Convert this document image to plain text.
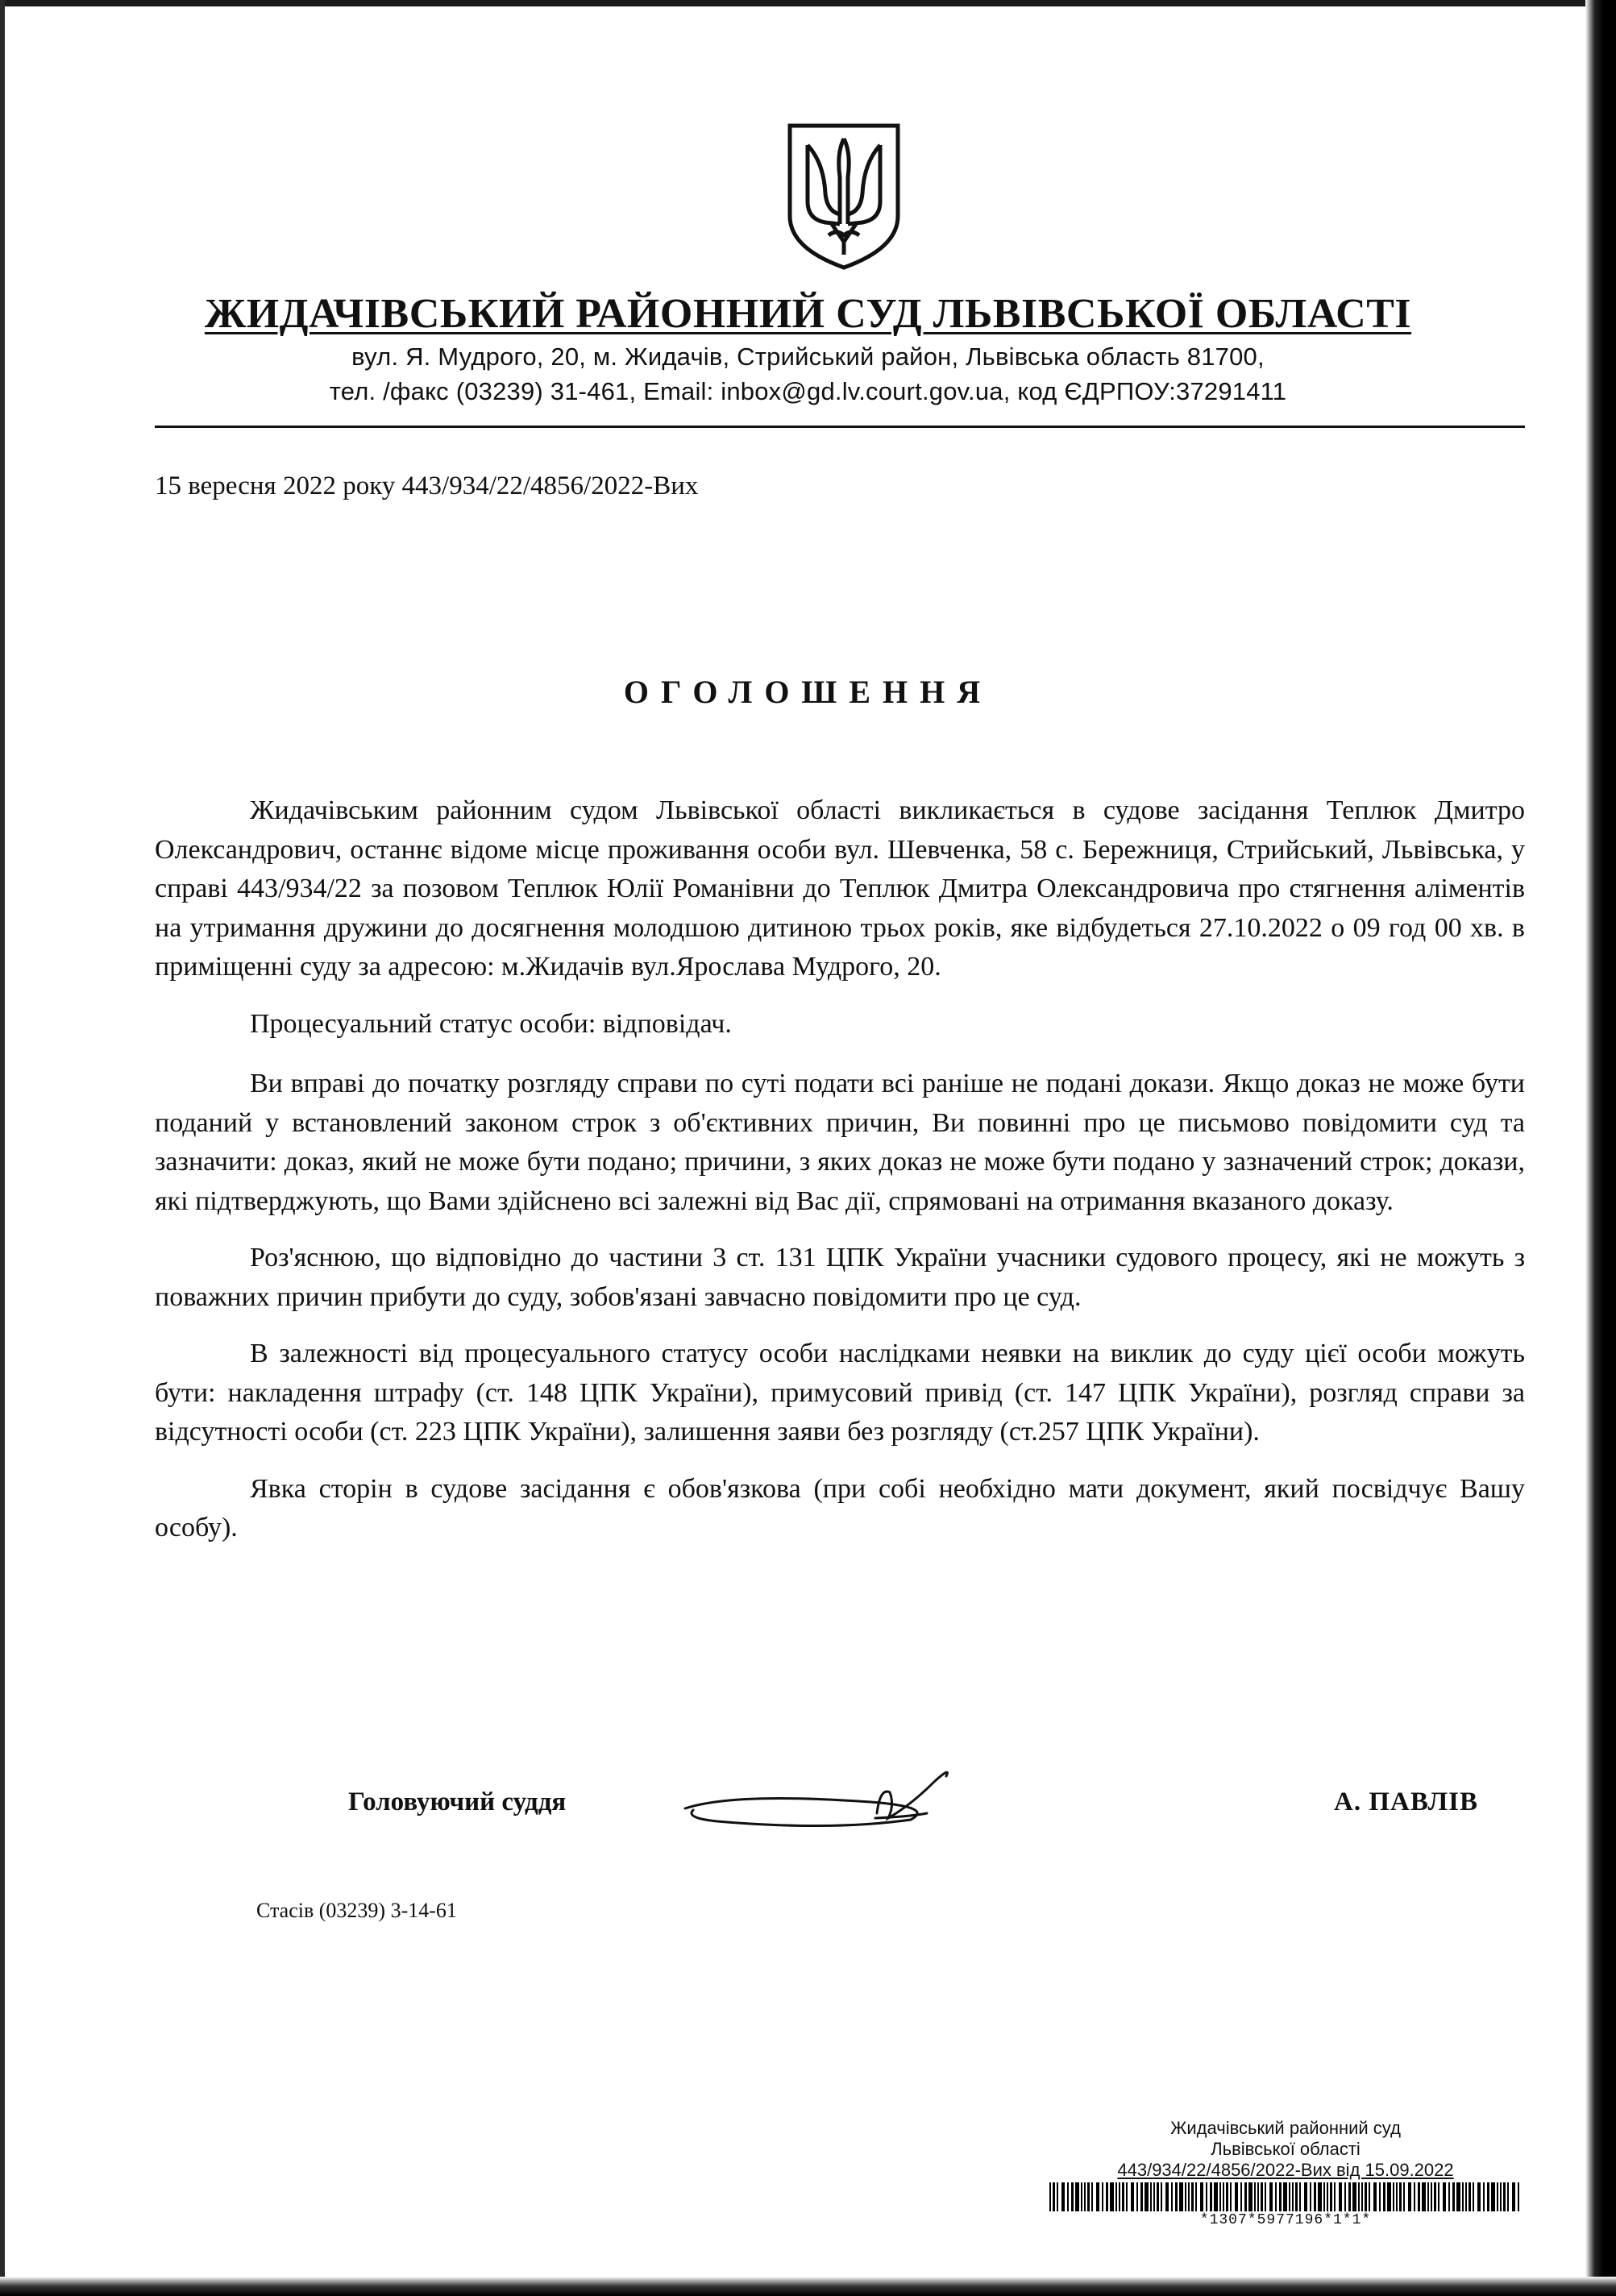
ЖИДАЧІВСЬКИЙ РАЙОННИЙ СУД ЛЬВІВСЬКОЇ ОБЛАСТІ
вул. Я. Мудрого, 20, м. Жидачів, Стрийський район, Львівська область 81700,
тел. /факс (03239) 31-461, Email: inbox@gd.lv.court.gov.ua, код ЄДРПОУ:37291411
15 вересня 2022 року 443/934/22/4856/2022-Вих
ОГОЛОШЕННЯ

Жидачівським районним судом Львівської області викликається в судове засідання Теплюк Дмитро Олександрович, останнє відоме місце проживання особи вул. Шевченка, 58 с. Бережниця, Стрийський, Львівська, у справі 443/934/22 за позовом Теплюк Юлії Романівни до Теплюк Дмитра Олександровича про стягнення аліментів на утримання дружини до досягнення молодшою дитиною трьох років, яке відбудеться 27.10.2022 о 09 год 00 хв. в приміщенні суду за адресою: м.Жидачів вул.Ярослава Мудрого, 20.

Процесуальний статус особи: відповідач.

Ви вправі до початку розгляду справи по суті подати всі раніше не подані докази. Якщо доказ не може бути поданий у встановлений законом строк з об'єктивних причин, Ви повинні про це письмово повідомити суд та зазначити: доказ, який не може бути подано; причини, з яких доказ не може бути подано у зазначений строк; докази, які підтверджують, що Вами здійснено всі залежні від Вас дії, спрямовані на отримання вказаного доказу.

Роз'яснюю, що відповідно до частини 3 ст. 131 ЦПК України учасники судового процесу, які не можуть з поважних причин прибути до суду, зобов'язані завчасно повідомити про це суд.

В залежності від процесуального статусу особи наслідками неявки на виклик до суду цієї особи можуть бути: накладення штрафу (ст. 148 ЦПК України), примусовий привід (ст. 147 ЦПК України), розгляд справи за відсутності особи (ст. 223 ЦПК України), залишення заяви без розгляду (ст.257 ЦПК України).

Явка сторін в судове засідання є обов'язкова (при собі необхідно мати документ, який посвідчує Вашу особу).

Головуючий суддя	А. ПАВЛІВ
Стасів (03239) 3-14-61
Жидачівський районний суд
Львівської області
443/934/22/4856/2022-Вих від 15.09.2022
*1307*5977196*1*1*
